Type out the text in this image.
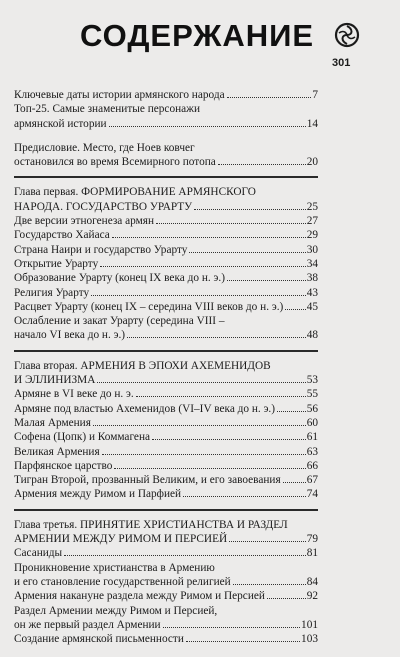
СОДЕРЖАНИЕ
301
Ключевые даты истории армянского народа	7
Топ-25. Самые знаменитые персонажи
армянской истории	14
Предисловие. Место, где Ноев ковчег
остановился во время Всемирного потопа	20
Глава первая. ФОРМИРОВАНИЕ АРМЯНСКОГО
НАРОДА. ГОСУДАРСТВО УРАРТУ	25
Две версии этногенеза армян	27
Государство Хайаса	29
Страна Наири и государство Урарту	30
Открытие Урарту	34
Образование Урарту (конец IX века до н. э.)	38
Религия Урарту	43
Расцвет Урарту (конец IX – середина VIII веков до н. э.) 45
Ослабление и закат Урарту (середина VIII –
начало VI века до н. э.)	48
Глава вторая. АРМЕНИЯ В ЭПОХИ АХЕМЕНИДОВ
И ЭЛЛИНИЗМА	53
Армяне в VI веке до н. э.	55
Армяне под властью Ахеменидов (VI–IV века до н. э.)	56
Малая Армения	60
Софена (Цопк) и Коммагена	61
Великая Армения	63
Парфянское царство	66
Тигран Второй, прозванный Великим, и его завоевания 67
Армения между Римом и Парфией	74
Глава третья. ПРИНЯТИЕ ХРИСТИАНСТВА И РАЗДЕЛ
АРМЕНИИ МЕЖДУ РИМОМ И ПЕРСИЕЙ	79
Сасаниды	81
Проникновение христианства в Армению
и его становление государственной религией	84
Армения накануне раздела между Римом и Персией	92
Раздел Армении между Римом и Персией,
он же первый раздел Армении	101
Создание армянской письменности	103
